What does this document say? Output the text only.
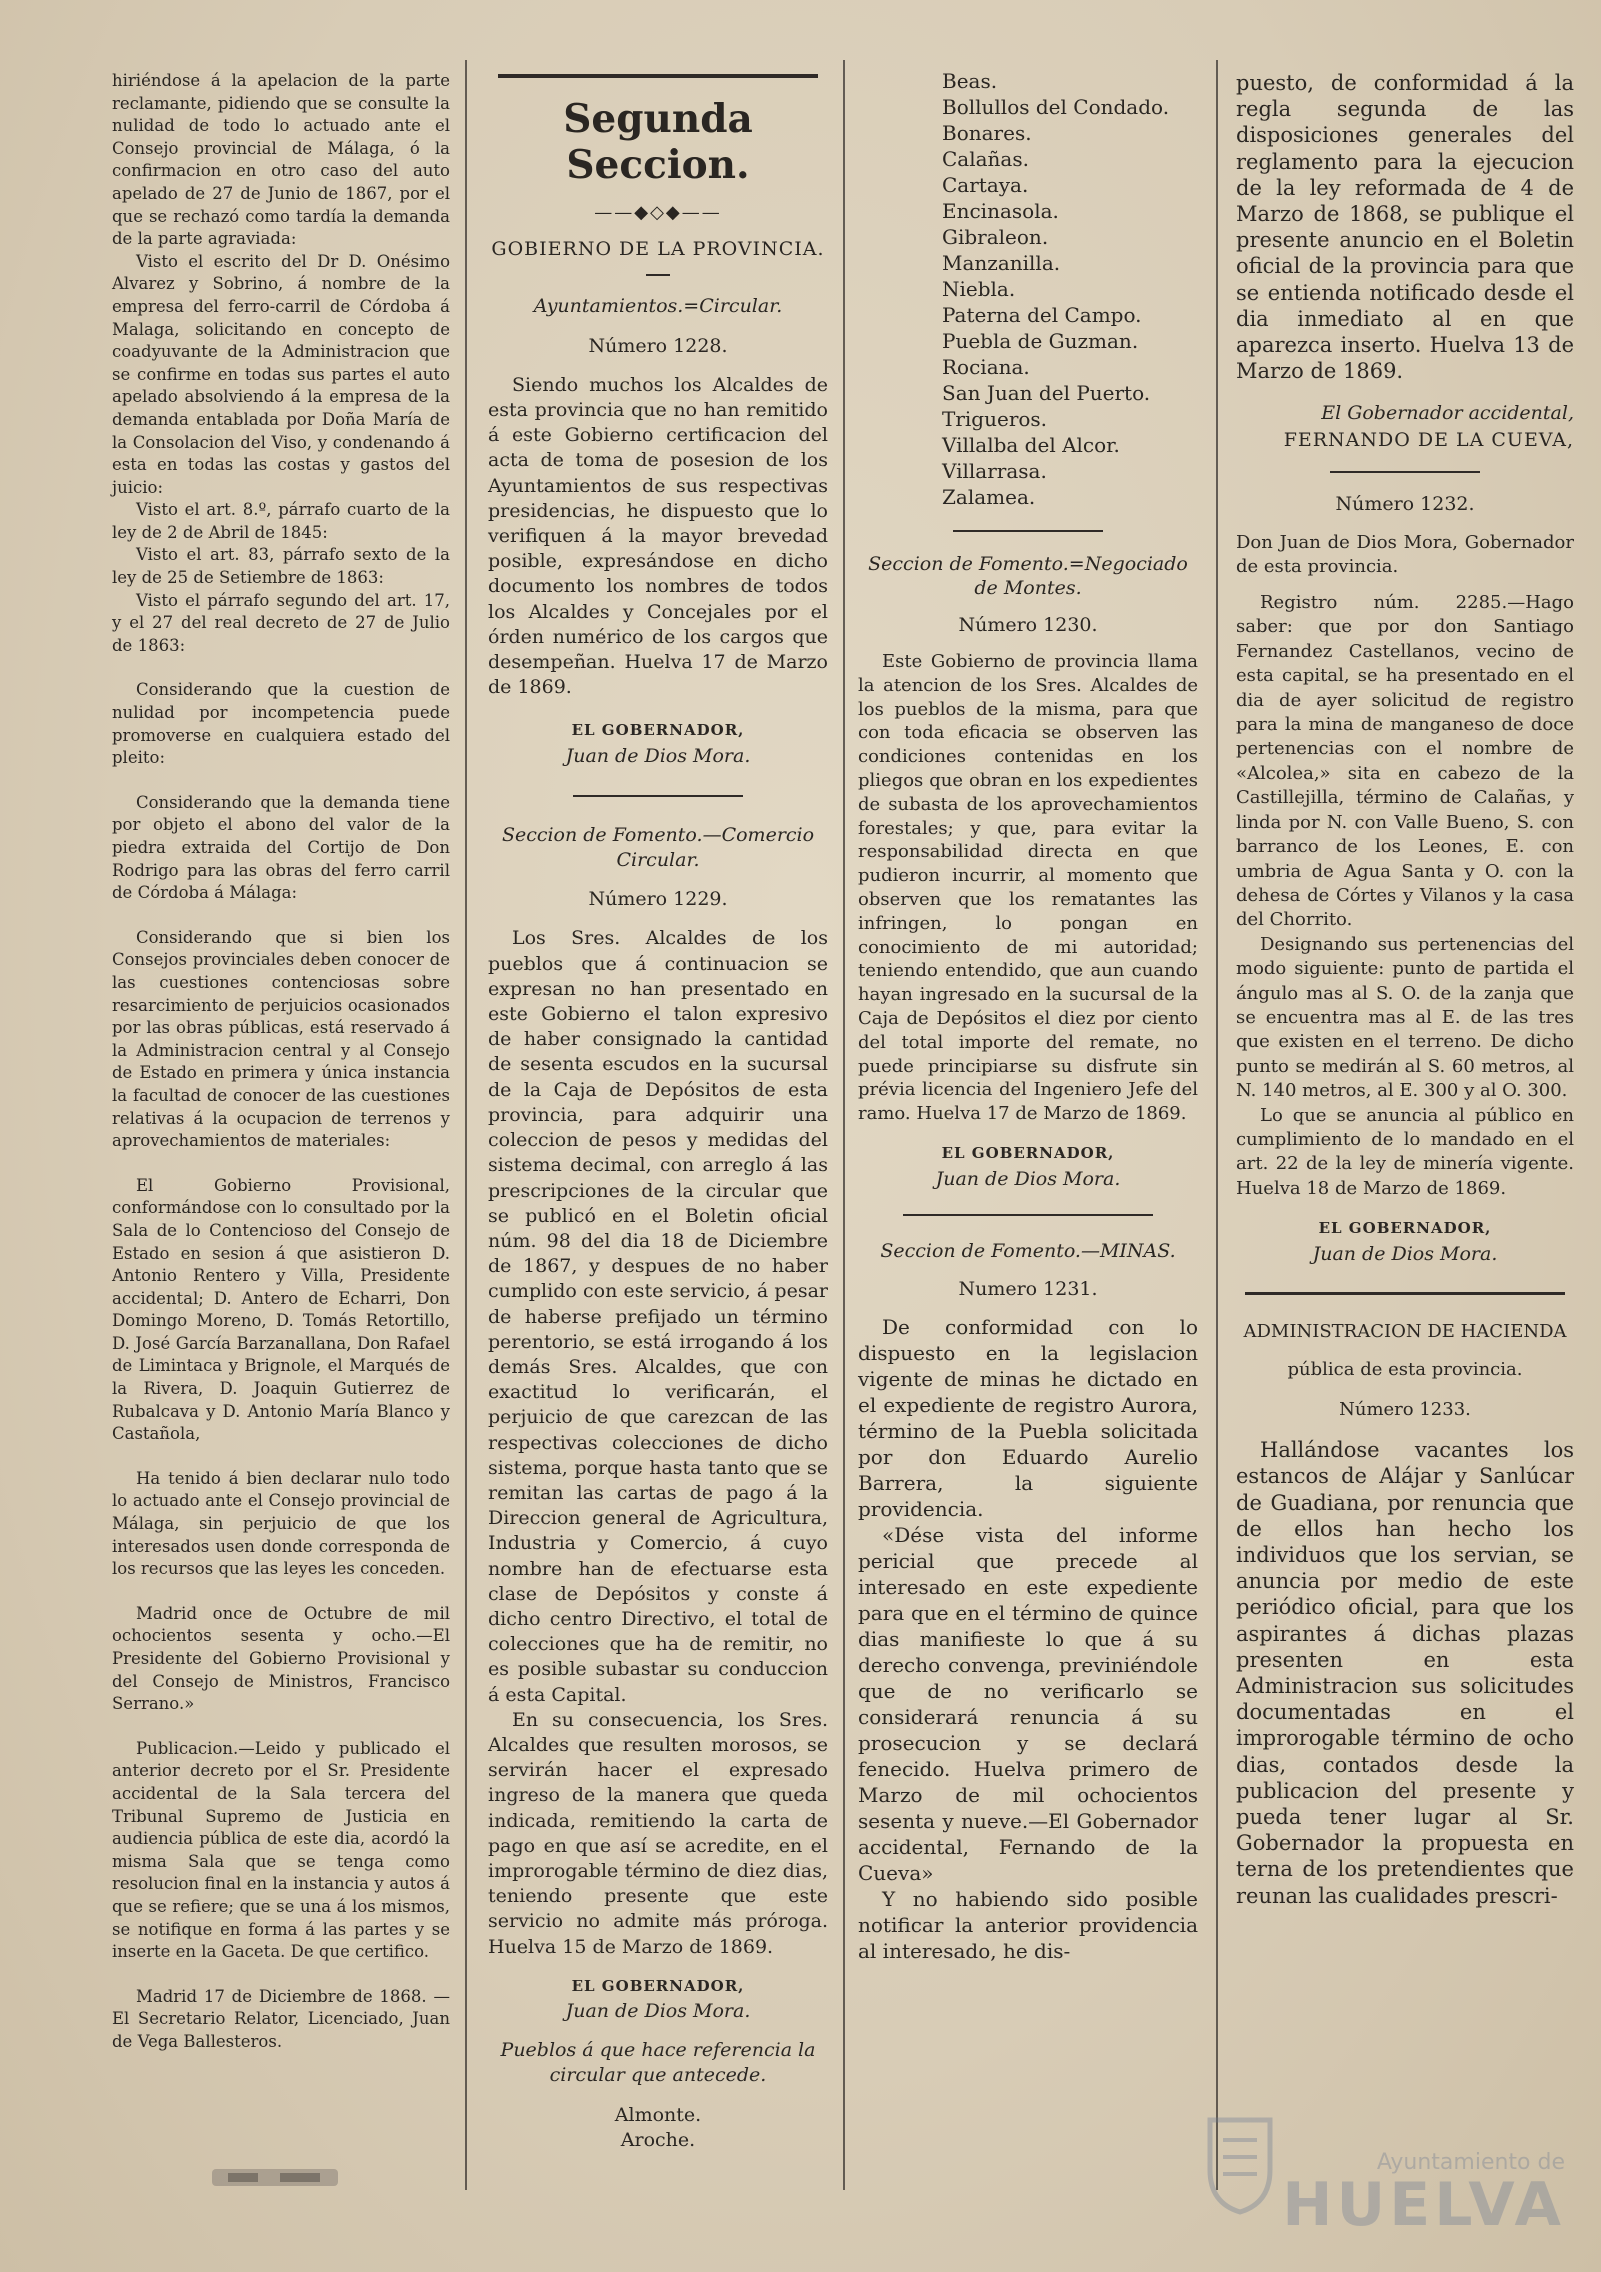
hiriéndose á la apelacion de la parte reclamante, pidiendo que se consulte la nulidad de todo lo actuado ante el Consejo provincial de Málaga, ó la confirmacion en otro caso del auto apelado de 27 de Junio de 1867, por el que se rechazó como tardía la demanda de la parte agraviada:

Visto el escrito del Dr D. Onésimo Alvarez y Sobrino, á nombre de la empresa del ferro-carril de Córdoba á Malaga, solicitando en concepto de coadyuvante de la Administracion que se confirme en todas sus partes el auto apelado absolviendo á la empresa de la demanda entablada por Doña María de la Consolacion del Viso, y condenando á esta en todas las costas y gastos del juicio:

Visto el art. 8.º, párrafo cuarto de la ley de 2 de Abril de 1845:

Visto el art. 83, párrafo sexto de la ley de 25 de Setiembre de 1863:

Visto el párrafo segundo del art. 17, y el 27 del real decreto de 27 de Julio de 1863:

Considerando que la cuestion de nulidad por incompetencia puede promoverse en cualquiera estado del pleito:

Considerando que la demanda tiene por objeto el abono del valor de la piedra extraida del Cortijo de Don Rodrigo para las obras del ferro carril de Córdoba á Málaga:

Considerando que si bien los Consejos provinciales deben conocer de las cuestiones contenciosas sobre resarcimiento de perjuicios ocasionados por las obras públicas, está reservado á la Administracion central y al Consejo de Estado en primera y única instancia la facultad de conocer de las cuestiones relativas á la ocupacion de terrenos y aprovechamientos de materiales:

El Gobierno Provisional, conformándose con lo consultado por la Sala de lo Contencioso del Consejo de Estado en sesion á que asistieron D. Antonio Rentero y Villa, Presidente accidental; D. Antero de Echarri, Don Domingo Moreno, D. Tomás Retortillo, D. José García Barzanallana, Don Rafael de Limintaca y Brignole, el Marqués de la Rivera, D. Joaquin Gutierrez de Rubalcava y D. Antonio María Blanco y Castañola,

Ha tenido á bien declarar nulo todo lo actuado ante el Consejo provincial de Málaga, sin perjuicio de que los interesados usen donde corresponda de los recursos que las leyes les conceden.

Madrid once de Octubre de mil ochocientos sesenta y ocho.—El Presidente del Gobierno Provisional y del Consejo de Ministros, Francisco Serrano.»

Publicacion.—Leido y publicado el anterior decreto por el Sr. Presidente accidental de la Sala tercera del Tribunal Supremo de Justicia en audiencia pública de este dia, acordó la misma Sala que se tenga como resolucion final en la instancia y autos á que se refiere; que se una á los mismos, se notifique en forma á las partes y se inserte en la Gaceta. De que certifico.

Madrid 17 de Diciembre de 1868. —El Secretario Relator, Licenciado, Juan de Vega Ballesteros.

Segunda Seccion.
——◆◇◆——
GOBIERNO DE LA PROVINCIA.
Ayuntamientos.=Circular.
Número 1228.

Siendo muchos los Alcaldes de esta provincia que no han remitido á este Gobierno certificacion del acta de toma de posesion de los Ayuntamientos de sus respectivas presidencias, he dispuesto que lo verifiquen á la mayor brevedad posible, expresándose en dicho documento los nombres de todos los Alcaldes y Concejales por el órden numérico de los cargos que desempeñan. Huelva 17 de Marzo de 1869.

EL GOBERNADOR,
Juan de Dios Mora.
Seccion de Fomento.—Comercio Circular.
Número 1229.

Los Sres. Alcaldes de los pueblos que á continuacion se expresan no han presentado en este Gobierno el talon expresivo de haber consignado la cantidad de sesenta escudos en la sucursal de la Caja de Depósitos de esta provincia, para adquirir una coleccion de pesos y medidas del sistema decimal, con arreglo á las prescripciones de la circular que se publicó en el Boletin oficial núm. 98 del dia 18 de Diciembre de 1867, y despues de no haber cumplido con este servicio, á pesar de haberse prefijado un término perentorio, se está irrogando á los demás Sres. Alcaldes, que con exactitud lo verificarán, el perjuicio de que carezcan de las respectivas colecciones de dicho sistema, porque hasta tanto que se remitan las cartas de pago á la Direccion general de Agricultura, Industria y Comercio, á cuyo nombre han de efectuarse esta clase de Depósitos y conste á dicho centro Directivo, el total de colecciones que ha de remitir, no es posible subastar su conduccion á esta Capital.

En su consecuencia, los Sres. Alcaldes que resulten morosos, se servirán hacer el expresado ingreso de la manera que queda indicada, remitiendo la carta de pago en que así se acredite, en el improrogable término de diez dias, teniendo presente que este servicio no admite más próroga. Huelva 15 de Marzo de 1869.

EL GOBERNADOR,
Juan de Dios Mora.
Pueblos á que hace referencia la circular que antecede.
Almonte.
Aroche.
Beas.
Bollullos del Condado.
Bonares.
Calañas.
Cartaya.
Encinasola.
Gibraleon.
Manzanilla.
Niebla.
Paterna del Campo.
Puebla de Guzman.
Rociana.
San Juan del Puerto.
Trigueros.
Villalba del Alcor.
Villarrasa.
Zalamea.
Seccion de Fomento.=Negociado de Montes.
Número 1230.

Este Gobierno de provincia llama la atencion de los Sres. Alcaldes de los pueblos de la misma, para que con toda eficacia se observen las condiciones contenidas en los pliegos que obran en los expedientes de subasta de los aprovechamientos forestales; y que, para evitar la responsabilidad directa en que pudieron incurrir, al momento que observen que los rematantes las infringen, lo pongan en conocimiento de mi autoridad; teniendo entendido, que aun cuando hayan ingresado en la sucursal de la Caja de Depósitos el diez por ciento del total importe del remate, no puede principiarse su disfrute sin prévia licencia del Ingeniero Jefe del ramo. Huelva 17 de Marzo de 1869.

EL GOBERNADOR,
Juan de Dios Mora.
Seccion de Fomento.—MINAS.
Numero 1231.

De conformidad con lo dispuesto en la legislacion vigente de minas he dictado en el expediente de registro Aurora, término de la Puebla solicitada por don Eduardo Aurelio Barrera, la siguiente providencia.

«Dése vista del informe pericial que precede al interesado en este expediente para que en el término de quince dias manifieste lo que á su derecho convenga, previniéndole que de no verificarlo se considerará renuncia á su prosecucion y se declará fenecido. Huelva primero de Marzo de mil ochocientos sesenta y nueve.—El Gobernador accidental, Fernando de la Cueva»

Y no habiendo sido posible notificar la anterior providencia al interesado, he dis-

puesto, de conformidad á la regla segunda de las disposiciones generales del reglamento para la ejecucion de la ley reformada de 4 de Marzo de 1868, se publique el presente anuncio en el Boletin oficial de la provincia para que se entienda notificado desde el dia inmediato al en que aparezca inserto. Huelva 13 de Marzo de 1869.

El Gobernador accidental,
FERNANDO DE LA CUEVA,
Número 1232.

Don Juan de Dios Mora, Gobernador de esta provincia.

Registro núm. 2285.—Hago saber: que por don Santiago Fernandez Castellanos, vecino de esta capital, se ha presentado en el dia de ayer solicitud de registro para la mina de manganeso de doce pertenencias con el nombre de «Alcolea,» sita en cabezo de la Castillejilla, término de Calañas, y linda por N. con Valle Bueno, S. con barranco de los Leones, E. con umbria de Agua Santa y O. con la dehesa de Córtes y Vilanos y la casa del Chorrito.

Designando sus pertenencias del modo siguiente: punto de partida el ángulo mas al S. O. de la zanja que se encuentra mas al E. de las tres que existen en el terreno. De dicho punto se medirán al S. 60 metros, al N. 140 metros, al E. 300 y al O. 300.

Lo que se anuncia al público en cumplimiento de lo mandado en el art. 22 de la ley de minería vigente. Huelva 18 de Marzo de 1869.

EL GOBERNADOR,
Juan de Dios Mora.
ADMINISTRACION DE HACIENDA
pública de esta provincia.
Número 1233.

Hallándose vacantes los estancos de Alájar y Sanlúcar de Guadiana, por renuncia que de ellos han hecho los individuos que los servian, se anuncia por medio de este periódico oficial, para que los aspirantes á dichas plazas presenten en esta Administracion sus solicitudes documentadas en el improrogable término de ocho dias, contados desde la publicacion del presente y pueda tener lugar al Sr. Gobernador la propuesta en terna de los pretendientes que reunan las cualidades prescri-

Ayuntamiento de
HUELVA
